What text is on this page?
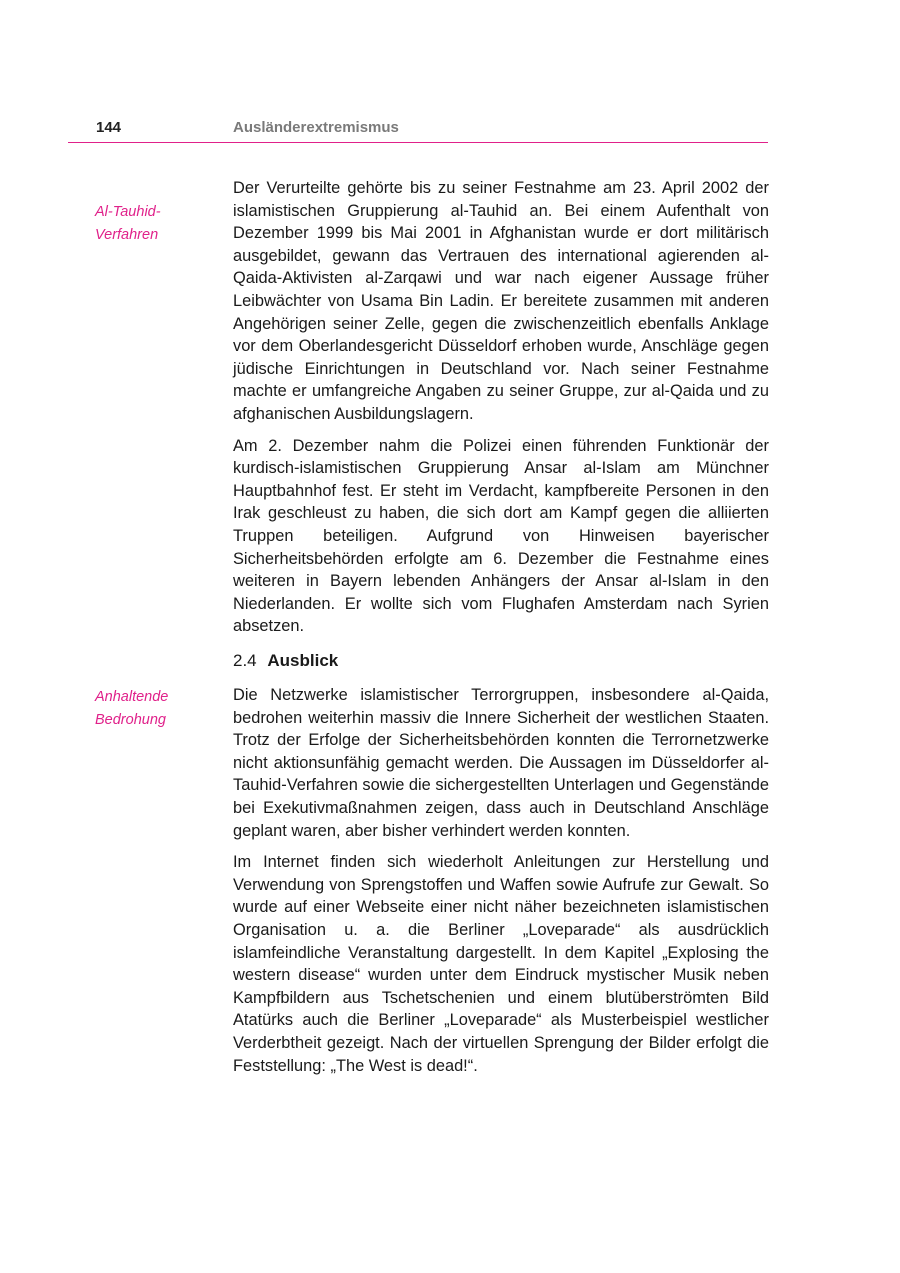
144	Ausländerextremismus
Al-Tauhid-Verfahren

Der Verurteilte gehörte bis zu seiner Festnahme am 23. April 2002 der islamistischen Gruppierung al-Tauhid an. Bei einem Aufenthalt von Dezember 1999 bis Mai 2001 in Afghanistan wurde er dort militärisch ausgebildet, gewann das Vertrauen des international agierenden al-Qaida-Aktivisten al-Zarqawi und war nach eigener Aussage früher Leibwächter von Usama Bin Ladin. Er bereitete zusammen mit anderen Angehörigen seiner Zelle, gegen die zwischenzeitlich ebenfalls Anklage vor dem Oberlandesgericht Düsseldorf erhoben wurde, Anschläge gegen jüdische Einrichtungen in Deutschland vor. Nach seiner Festnahme machte er umfangreiche Angaben zu seiner Gruppe, zur al-Qaida und zu afghanischen Ausbildungslagern.

Am 2. Dezember nahm die Polizei einen führenden Funktionär der kurdisch-islamistischen Gruppierung Ansar al-Islam am Münchner Hauptbahnhof fest. Er steht im Verdacht, kampfbereite Personen in den Irak geschleust zu haben, die sich dort am Kampf gegen die alliierten Truppen beteiligen. Aufgrund von Hinweisen bayerischer Sicherheitsbehörden erfolgte am 6. Dezember die Festnahme eines weiteren in Bayern lebenden Anhängers der Ansar al-Islam in den Niederlanden. Er wollte sich vom Flughafen Amsterdam nach Syrien absetzen.

2.4 Ausblick
Anhaltende Bedrohung

Die Netzwerke islamistischer Terrorgruppen, insbesondere al-Qaida, bedrohen weiterhin massiv die Innere Sicherheit der westlichen Staaten. Trotz der Erfolge der Sicherheitsbehörden konnten die Terrornetzwerke nicht aktionsunfähig gemacht werden. Die Aussagen im Düsseldorfer al-Tauhid-Verfahren sowie die sichergestellten Unterlagen und Gegenstände bei Exekutivmaßnahmen zeigen, dass auch in Deutschland Anschläge geplant waren, aber bisher verhindert werden konnten.

Im Internet finden sich wiederholt Anleitungen zur Herstellung und Verwendung von Sprengstoffen und Waffen sowie Aufrufe zur Gewalt. So wurde auf einer Webseite einer nicht näher bezeichneten islamistischen Organisation u. a. die Berliner „Loveparade“ als ausdrücklich islamfeindliche Veranstaltung dargestellt. In dem Kapitel „Explosing the western disease“ wurden unter dem Eindruck mystischer Musik neben Kampfbildern aus Tschetschenien und einem blutüberströmten Bild Atatürks auch die Berliner „Loveparade“ als Musterbeispiel westlicher Verderbtheit gezeigt. Nach der virtuellen Sprengung der Bilder erfolgt die Feststellung: „The West is dead!“.
